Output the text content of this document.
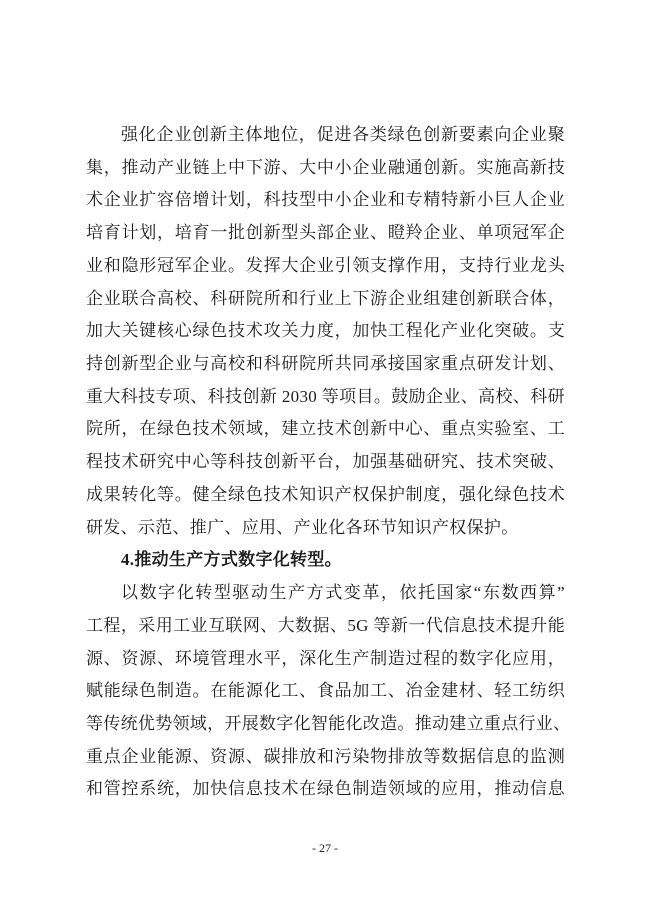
强化企业创新主体地位，促进各类绿色创新要素向企业聚

集，推动产业链上中下游、大中小企业融通创新。实施高新技

术企业扩容倍增计划，科技型中小企业和专精特新小巨人企业

培育计划，培育一批创新型头部企业、瞪羚企业、单项冠军企

业和隐形冠军企业。发挥大企业引领支撑作用，支持行业龙头

企业联合高校、科研院所和行业上下游企业组建创新联合体，

加大关键核心绿色技术攻关力度，加快工程化产业化突破。支

持创新型企业与高校和科研院所共同承接国家重点研发计划、

重大科技专项、科技创新 2030 等项目。鼓励企业、高校、科研

院所，在绿色技术领域，建立技术创新中心、重点实验室、工

程技术研究中心等科技创新平台，加强基础研究、技术突破、

成果转化等。健全绿色技术知识产权保护制度，强化绿色技术

研发、示范、推广、应用、产业化各环节知识产权保护。

4.推动生产方式数字化转型。

以数字化转型驱动生产方式变革，依托国家“东数西算”

工程，采用工业互联网、大数据、5G 等新一代信息技术提升能

源、资源、环境管理水平，深化生产制造过程的数字化应用，

赋能绿色制造。在能源化工、食品加工、冶金建材、轻工纺织

等传统优势领域，开展数字化智能化改造。推动建立重点行业、

重点企业能源、资源、碳排放和污染物排放等数据信息的监测

和管控系统，加快信息技术在绿色制造领域的应用，推动信息

- 27 -
